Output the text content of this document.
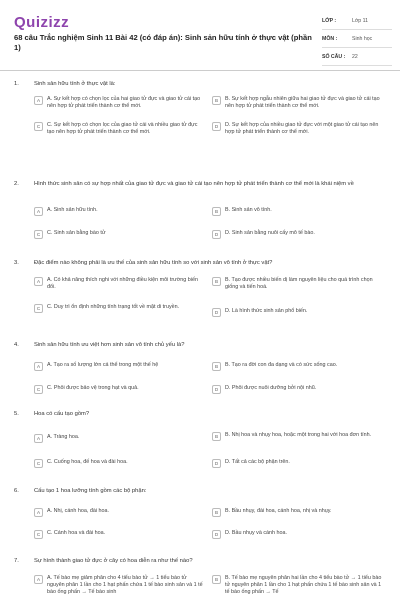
Quizizz
68 câu Trắc nghiệm Sinh 11 Bài 42 (có đáp án): Sinh sản hữu tính ở thực vật (phần 1)
LỚP :	Lớp 11
MÔN :	Sinh học
SỐ CÂU :	22
1.	Sinh sản hữu tính ở thực vật là:
A	A. Sự kết hợp có chọn lọc của hai giao tử đực và giao tử cái tạo nên hợp tử phát triển thành cơ thể mới.
B	B. Sự kết hợp ngẫu nhiên giữa hai giao tử đực và giao tử cái tạo nên hợp tử phát triển thành cơ thể mới.
C	C. Sự kết hợp có chọn lọc của giao tử cái và nhiều giao tử đực tạo nên hợp tử phát triển thành cơ thể mới.
D	D. Sự kết hợp của nhiều giao tử đực với một giao tử cái tạo nên hợp tử phát triển thành cơ thể mới.
2.	Hình thức sinh sản có sự hợp nhất của giao tử đực và giao tử cái tạo nên hợp tử phát triển thành cơ thể mới là khái niệm về
A	A. Sinh sản hữu tính.	B	B. Sinh sản vô tính.
C	C. Sinh sản bằng bào tử	D	D. Sinh sản bằng nuôi cấy mô tế bào.
3.	Đặc điểm nào không phải là ưu thế của sinh sản hữu tính so với sinh sản vô tính ở thực vật?
A	A. Có khả năng thích nghi với những điều kiện môi trường biến đổi.
B	B. Tạo được nhiều biến dị làm nguyên liệu cho quá trình chọn giống và tiến hoá.
C	C. Duy trì ổn định những tính trạng tốt về mặt di truyền.
D	D. Là hình thức sinh sản phổ biến.
4.	Sinh sản hữu tính ưu việt hơn sinh sản vô tính chủ yếu là?
A	A. Tạo ra số lượng lớn cá thể trong một thế hệ	B	B. Tạo ra đời con đa dạng và có sức sống cao.
C	C. Phôi được bảo vệ trong hạt và quả.	D	D. Phôi được nuôi dưỡng bởi nội nhũ.
5.	Hoa có cấu tạo gồm?
A	A. Tràng hoa.	B	B. Nhị hoa và nhụy hoa, hoặc một trong hai với hoa đơn tính.
C	C. Cuống hoa, đế hoa và đài hoa.	D	D. Tất cả các bộ phận trên.
6.	Cấu tạo 1 hoa lưỡng tính gồm các bộ phận:
A	A. Nhị, cánh hoa, đài hoa.	B	B. Bầu nhụy, đài hoa, cánh hoa, nhị và nhụy.
C	C. Cánh hoa và đài hoa.	D	D. Bầu nhụy và cánh hoa.
7.	Sự hình thành giao tử đực ở cây có hoa diễn ra như thế nào?
A	A. Tế bào mẹ giảm phân cho 4 tiểu bào tử → 1 tiểu bào tử nguyên phân 1 lần cho 1 hạt phấn chứa 1 tế bào sinh sản và 1 tế bào ống phấn → Tế bào sinh
B	B. Tế bào mẹ nguyên phân hai lần cho 4 tiểu bào tử → 1 tiểu bào tử nguyên phân 1 lần cho 1 hạt phấn chứa 1 tế bào sinh sản và 1 tế bào ống phấn → Tế
